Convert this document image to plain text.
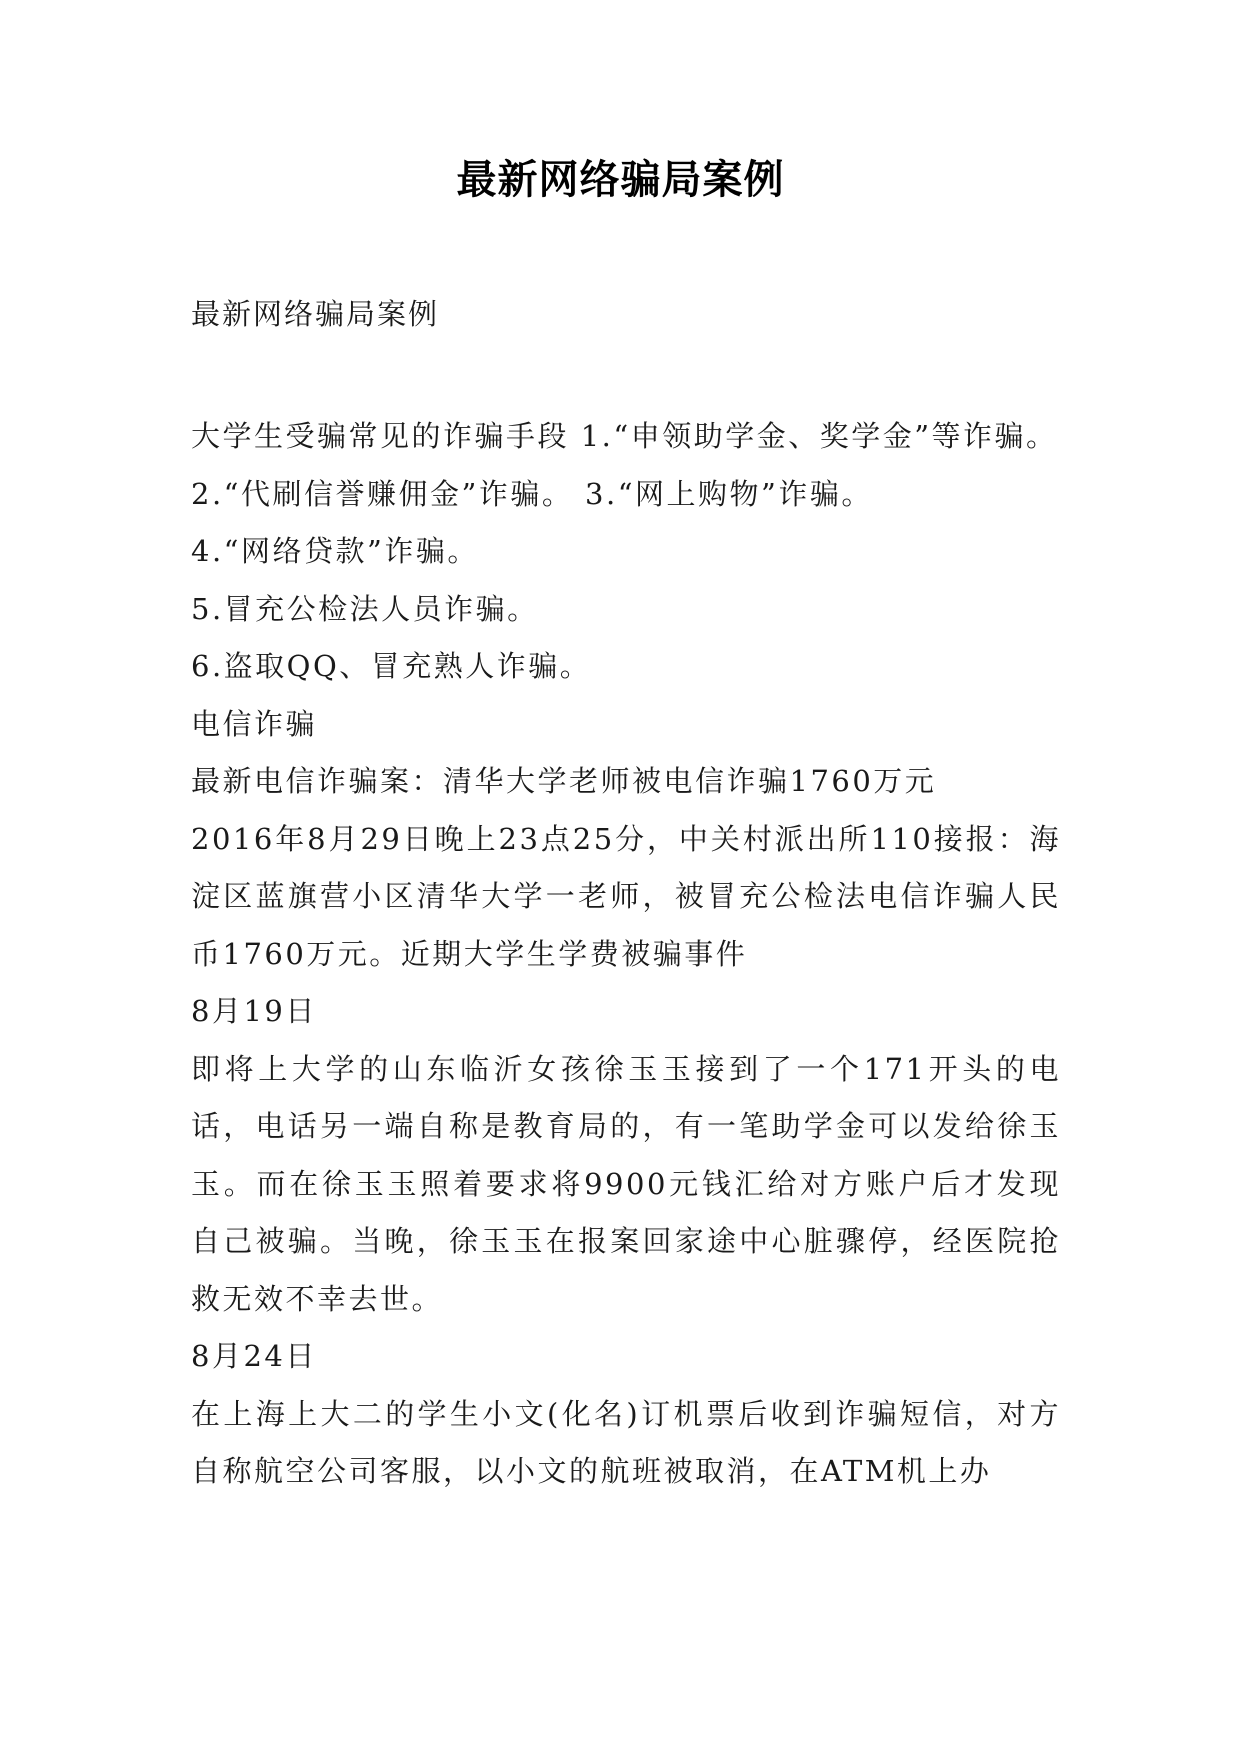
最新网络骗局案例
最新网络骗局案例

大学生受骗常见的诈骗手段 1.“申领助学金、奖学金”等诈骗。

2.“代刷信誉赚佣金”诈骗。 3.“网上购物”诈骗。

4.“网络贷款”诈骗。

5.冒充公检法人员诈骗。

6.盗取QQ、冒充熟人诈骗。

电信诈骗

最新电信诈骗案：清华大学老师被电信诈骗1760万元

2016年8月29日晚上23点25分，中关村派出所110接报：海淀区蓝旗营小区清华大学一老师，被冒充公检法电信诈骗人民币1760万元。近期大学生学费被骗事件

8月19日

即将上大学的山东临沂女孩徐玉玉接到了一个171开头的电话，电话另一端自称是教育局的，有一笔助学金可以发给徐玉玉。而在徐玉玉照着要求将9900元钱汇给对方账户后才发现自己被骗。当晚，徐玉玉在报案回家途中心脏骤停，经医院抢救无效不幸去世。

8月24日

在上海上大二的学生小文(化名)订机票后收到诈骗短信，对方自称航空公司客服，以小文的航班被取消，在ATM机上办
